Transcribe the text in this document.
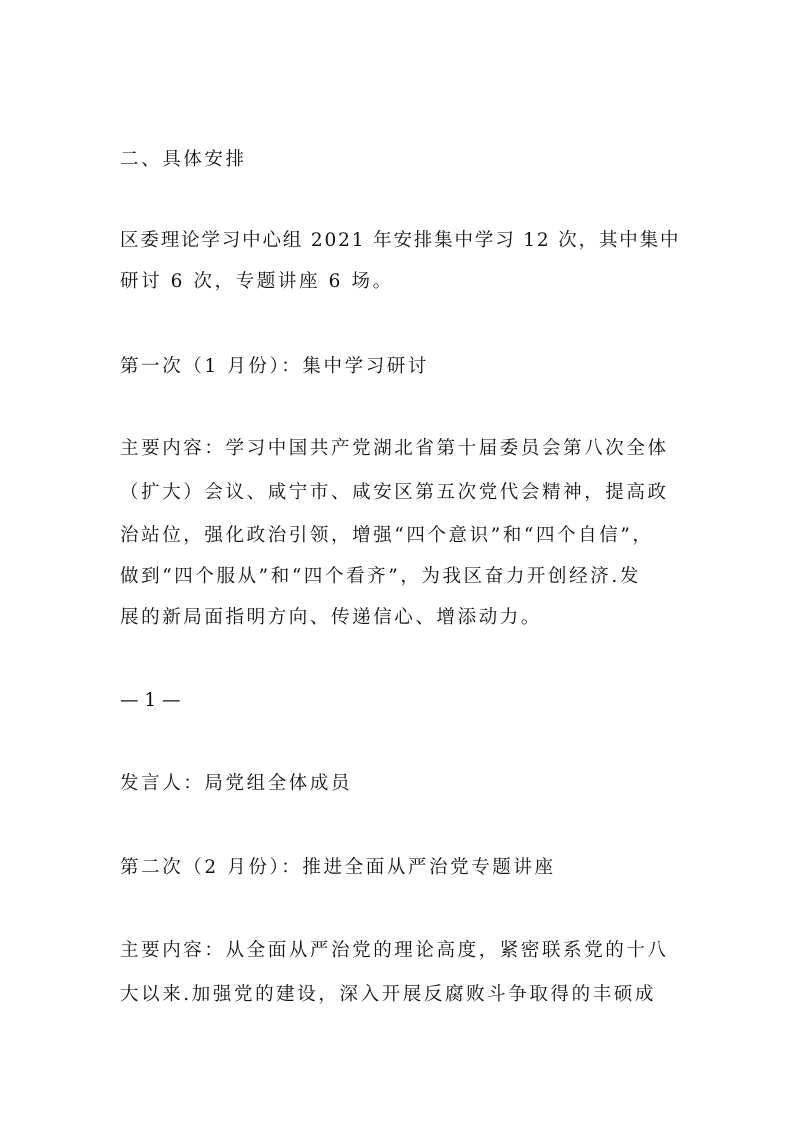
二、具体安排
区委理论学习中心组 2021 年安排集中学习 12 次，其中集中
研讨 6 次，专题讲座 6 场。
第一次（1 月份）：集中学习研讨
主要内容：学习中国共产党湖北省第十届委员会第八次全体
（扩大）会议、咸宁市、咸安区第五次党代会精神，提高政
治站位，强化政治引领，增强“四个意识”和“四个自信”，
做到“四个服从”和“四个看齐”，为我区奋力开创经济.发
展的新局面指明方向、传递信心、增添动力。
— 1 —
发言人：局党组全体成员
第二次（2 月份）：推进全面从严治党专题讲座
主要内容：从全面从严治党的理论高度，紧密联系党的十八
大以来.加强党的建设，深入开展反腐败斗争取得的丰硕成
